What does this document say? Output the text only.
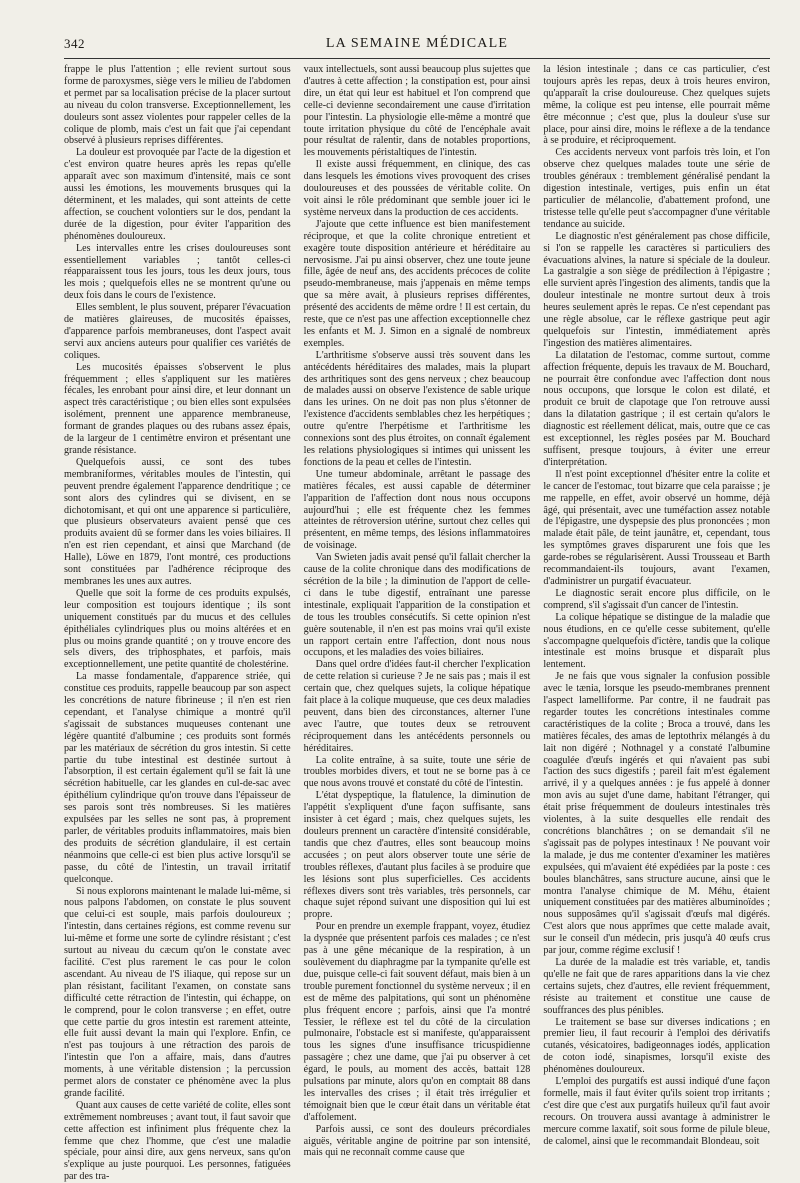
342	LA SEMAINE MÉDICALE

frappe le plus l'attention ; elle revient surtout sous forme de paroxysmes, siège vers le milieu de l'abdomen et permet par sa localisation précise de la placer surtout au niveau du colon transverse. Exceptionnellement, les douleurs sont assez violentes pour rappeler celles de la colique de plomb, mais c'est un fait que j'ai cependant observé à plusieurs reprises différentes.

La douleur est provoquée par l'acte de la digestion et c'est environ quatre heures après les repas qu'elle apparaît avec son maximum d'intensité, mais ce sont aussi les émotions, les mouvements brusques qui la déterminent, et les malades, qui sont atteints de cette affection, se couchent volontiers sur le dos, pendant la durée de la digestion, pour éviter l'apparition des phénomènes douloureux.

Les intervalles entre les crises douloureuses sont essentiellement variables ; tantôt celles-ci réapparaissent tous les jours, tous les deux jours, tous les mois ; quelquefois elles ne se montrent qu'une ou deux fois dans le cours de l'existence.

Elles semblent, le plus souvent, préparer l'évacuation de matières glaireuses, de mucosités épaisses, d'apparence parfois membraneuses, dont l'aspect avait servi aux anciens auteurs pour qualifier ces variétés de coliques.

Les mucosités épaisses s'observent le plus fréquemment ; elles s'appliquent sur les matières fécales, les enrobant pour ainsi dire, et leur donnant un aspect très caractéristique ; ou bien elles sont expulsées isolément, prennent une apparence membraneuse, formant de grandes plaques ou des rubans assez épais, de la largeur de 1 centimètre environ et présentant une grande résistance.

Quelquefois aussi, ce sont des tubes membraniformes, véritables moules de l'intestin, qui peuvent prendre également l'apparence dendritique ; ce sont alors des cylindres qui se divisent, en se dichotomisant, et qui ont une apparence si particulière, que plusieurs observateurs avaient pensé que ces produits avaient dû se former dans les voies biliaires. Il n'en est rien cependant, et ainsi que Marchand (de Halle), Löwe en 1879, l'ont montré, ces productions sont constituées par l'adhérence réciproque des membranes les unes aux autres.

Quelle que soit la forme de ces produits expulsés, leur composition est toujours identique ; ils sont uniquement constitués par du mucus et des cellules épithéliales cylindriques plus ou moins altérées et en plus ou moins grande quantité ; on y trouve encore des sels divers, des triphosphates, et parfois, mais exceptionnellement, une petite quantité de cholestérine.

La masse fondamentale, d'apparence striée, qui constitue ces produits, rappelle beaucoup par son aspect les concrétions de nature fibrineuse ; il n'en est rien cependant, et l'analyse chimique a montré qu'il s'agissait de substances muqueuses contenant une légère quantité d'albumine ; ces produits sont formés par les matériaux de sécrétion du gros intestin. Si cette partie du tube intestinal est destinée surtout à l'absorption, il est certain également qu'il se fait là une sécrétion habituelle, car les glandes en cul-de-sac avec épithélium cylindrique qu'on trouve dans l'épaisseur de ses parois sont très nombreuses. Si les matières expulsées par les selles ne sont pas, à proprement parler, de véritables produits inflammatoires, mais bien des produits de sécrétion glandulaire, il est certain néanmoins que celle-ci est bien plus active lorsqu'il se passe, du côté de l'intestin, un travail irritatif quelconque.

Si nous explorons maintenant le malade lui-même, si nous palpons l'abdomen, on constate le plus souvent que celui-ci est souple, mais parfois douloureux ; l'intestin, dans certaines régions, est comme revenu sur lui-même et forme une sorte de cylindre résistant ; c'est surtout au niveau du cæcum qu'on le constate avec facilité. C'est plus rarement le cas pour le colon ascendant. Au niveau de l'S iliaque, qui repose sur un plan résistant, facilitant l'examen, on constate sans difficulté cette rétraction de l'intestin, qui échappe, on le comprend, pour le colon transverse ; en effet, outre que cette partie du gros intestin est rarement atteinte, elle fuit aussi devant la main qui l'explore. Enfin, ce n'est pas toujours à une rétraction des parois de l'intestin que l'on a affaire, mais, dans d'autres moments, à une véritable distension ; la percussion permet alors de constater ce phénomène avec la plus grande facilité.

Quant aux causes de cette variété de colite, elles sont extrêmement nombreuses ; avant tout, il faut savoir que cette affection est infiniment plus fréquente chez la femme que chez l'homme, que c'est une maladie spéciale, pour ainsi dire, aux gens nerveux, sans qu'on s'explique au juste pourquoi. Les personnes, fatiguées par des tra-

vaux intellectuels, sont aussi beaucoup plus sujettes que d'autres à cette affection ; la constipation est, pour ainsi dire, un état qui leur est habituel et l'on comprend que celle-ci devienne secondairement une cause d'irritation pour l'intestin. La physiologie elle-même a montré que toute irritation physique du côté de l'encéphale avait pour résultat de ralentir, dans de notables proportions, les mouvements péristaltiques de l'intestin.

Il existe aussi fréquemment, en clinique, des cas dans lesquels les émotions vives provoquent des crises douloureuses et des poussées de véritable colite. On voit ainsi le rôle prédominant que semble jouer ici le système nerveux dans la production de ces accidents.

J'ajoute que cette influence est bien manifestement réciproque, et que la colite chronique entretient et exagère toute disposition antérieure et héréditaire au nervosisme. J'ai pu ainsi observer, chez une toute jeune fille, âgée de neuf ans, des accidents précoces de colite pseudo-membraneuse, mais j'appenais en même temps que sa mère avait, à plusieurs reprises différentes, présenté des accidents de même ordre ! Il est certain, du reste, que ce n'est pas une affection exceptionnelle chez les enfants et M. J. Simon en a signalé de nombreux exemples.

L'arthritisme s'observe aussi très souvent dans les antécédents héréditaires des malades, mais la plupart des arthritiques sont des gens nerveux ; chez beaucoup de malades aussi on observe l'existence de sable urique dans les urines. On ne doit pas non plus s'étonner de l'existence d'accidents semblables chez les herpétiques ; outre qu'entre l'herpétisme et l'arthritisme les connexions sont des plus étroites, on connaît également les relations physiologiques si intimes qui unissent les fonctions de la peau et celles de l'intestin.

Une tumeur abdominale, arrêtant le passage des matières fécales, est aussi capable de déterminer l'apparition de l'affection dont nous nous occupons aujourd'hui ; elle est fréquente chez les femmes atteintes de rétroversion utérine, surtout chez celles qui présentent, en même temps, des lésions inflammatoires de voisinage.

Van Swieten jadis avait pensé qu'il fallait chercher la cause de la colite chronique dans des modifications de sécrétion de la bile ; la diminution de l'apport de celle-ci dans le tube digestif, entraînant une paresse intestinale, expliquait l'apparition de la constipation et de tous les troubles consécutifs. Si cette opinion n'est guère soutenable, il n'en est pas moins vrai qu'il existe un rapport certain entre l'affection, dont nous nous occupons, et les maladies des voies biliaires.

Dans quel ordre d'idées faut-il chercher l'explication de cette relation si curieuse ? Je ne sais pas ; mais il est certain que, chez quelques sujets, la colique hépatique fait place à la colique muqueuse, que ces deux maladies peuvent, dans bien des circonstances, alterner l'une avec l'autre, que toutes deux se retrouvent réciproquement dans les antécédents personnels ou héréditaires.

La colite entraîne, à sa suite, toute une série de troubles morbides divers, et tout ne se borne pas à ce que nous avons trouvé et constaté du côté de l'intestin.

L'état dyspeptique, la flatulence, la diminution de l'appétit s'expliquent d'une façon suffisante, sans insister à cet égard ; mais, chez quelques sujets, les douleurs prennent un caractère d'intensité considérable, tandis que chez d'autres, elles sont beaucoup moins accusées ; on peut alors observer toute une série de troubles réflexes, d'autant plus faciles à se produire que les lésions sont plus superficielles. Ces accidents réflexes divers sont très variables, très personnels, car chaque sujet répond suivant une disposition qui lui est propre.

Pour en prendre un exemple frappant, voyez, étudiez la dyspnée que présentent parfois ces malades ; ce n'est pas à une gêne mécanique de la respiration, à un soulèvement du diaphragme par la tympanite qu'elle est due, puisque celle-ci fait souvent défaut, mais bien à un trouble purement fonctionnel du système nerveux ; il en est de même des palpitations, qui sont un phénomène plus fréquent encore ; parfois, ainsi que l'a montré Tessier, le réflexe est tel du côté de la circulation pulmonaire, l'obstacle est si manifeste, qu'apparaissent tous les signes d'une insuffisance tricuspidienne passagère ; chez une dame, que j'ai pu observer à cet égard, le pouls, au moment des accès, battait 128 pulsations par minute, alors qu'on en comptait 88 dans les intervalles des crises ; il était très irrégulier et témoignait bien que le cœur était dans un véritable état d'affolement.

Parfois aussi, ce sont des douleurs précordiales aiguës, véritable angine de poitrine par son intensité, mais qui ne reconnaît comme cause que

la lésion intestinale ; dans ce cas particulier, c'est toujours après les repas, deux à trois heures environ, qu'apparaît la crise douloureuse. Chez quelques sujets même, la colique est peu intense, elle pourrait même être méconnue ; c'est que, plus la douleur s'use sur place, pour ainsi dire, moins le réflexe a de la tendance à se produire, et réciproquement.

Ces accidents nerveux vont parfois très loin, et l'on observe chez quelques malades toute une série de troubles généraux : tremblement généralisé pendant la digestion intestinale, vertiges, puis enfin un état particulier de mélancolie, d'abattement profond, une tristesse telle qu'elle peut s'accompagner d'une véritable tendance au suicide.

Le diagnostic n'est généralement pas chose difficile, si l'on se rappelle les caractères si particuliers des évacuations alvines, la nature si spéciale de la douleur. La gastralgie a son siège de prédilection à l'épigastre ; elle survient après l'ingestion des aliments, tandis que la douleur intestinale ne montre surtout deux à trois heures seulement après le repas. Ce n'est cependant pas une règle absolue, car le réflexe gastrique peut agir quelquefois sur l'intestin, immédiatement après l'ingestion des matières alimentaires.

La dilatation de l'estomac, comme surtout, comme affection fréquente, depuis les travaux de M. Bouchard, ne pourrait être confondue avec l'affection dont nous nous occupons, que lorsque le colon est dilaté, et produit ce bruit de clapotage que l'on retrouve aussi dans la dilatation gastrique ; il est certain qu'alors le diagnostic est réellement délicat, mais, outre que ce cas est exceptionnel, les règles posées par M. Bouchard suffisent, presque toujours, à éviter une erreur d'interprétation.

Il n'est point exceptionnel d'hésiter entre la colite et le cancer de l'estomac, tout bizarre que cela paraisse ; je me rappelle, en effet, avoir observé un homme, déjà âgé, qui présentait, avec une tuméfaction assez notable de l'épigastre, une dyspepsie des plus prononcées ; mon malade était pâle, de teint jaunâtre, et, cependant, tous les symptômes graves disparurent une fois que les garde-robes se régularisèrent. Aussi Trousseau et Barth recommandaient-ils toujours, avant l'examen, d'administrer un purgatif évacuateur.

Le diagnostic serait encore plus difficile, on le comprend, s'il s'agissait d'un cancer de l'intestin.

La colique hépatique se distingue de la maladie que nous étudions, en ce qu'elle cesse subitement, qu'elle s'accompagne quelquefois d'ictère, tandis que la colique intestinale est moins brusque et disparaît plus lentement.

Je ne fais que vous signaler la confusion possible avec le tænia, lorsque les pseudo-membranes prennent l'aspect lamelliforme. Par contre, il ne faudrait pas regarder toutes les concrétions intestinales comme caractéristiques de la colite ; Broca a trouvé, dans les matières fécales, des amas de leptothrix mélangés à du lait non digéré ; Nothnagel y a constaté l'albumine coagulée d'œufs ingérés et qui n'avaient pas subi l'action des sucs digestifs ; pareil fait m'est également arrivé, il y a quelques années : je fus appelé à donner mon avis au sujet d'une dame, habitant l'étranger, qui était prise fréquemment de douleurs intestinales très violentes, à la suite desquelles elle rendait des concrétions blanchâtres ; on se demandait s'il ne s'agissait pas de polypes intestinaux ! Ne pouvant voir la malade, je dus me contenter d'examiner les matières expulsées, qui m'avaient été expédiées par la poste : ces boules blanchâtres, sans structure aucune, ainsi que le montra l'analyse chimique de M. Méhu, étaient uniquement constituées par des matières albuminoïdes ; nous supposâmes qu'il s'agissait d'œufs mal digérés. C'est alors que nous apprîmes que cette malade avait, sur le conseil d'un médecin, pris jusqu'à 40 œufs crus par jour, comme régime exclusif !

La durée de la maladie est très variable, et, tandis qu'elle ne fait que de rares apparitions dans la vie chez certains sujets, chez d'autres, elle revient fréquemment, résiste au traitement et constitue une cause de souffrances des plus pénibles.

Le traitement se base sur diverses indications ; en premier lieu, il faut recourir à l'emploi des dérivatifs cutanés, vésicatoires, badigeonnages iodés, application de coton iodé, sinapismes, lorsqu'il existe des phénomènes douloureux.

L'emploi des purgatifs est aussi indiqué d'une façon formelle, mais il faut éviter qu'ils soient trop irritants ; c'est dire que c'est aux purgatifs huileux qu'il faut avoir recours. On trouvera aussi avantage à administrer le mercure comme laxatif, soit sous forme de pilule bleue, de calomel, ainsi que le recommandait Blondeau, soit
